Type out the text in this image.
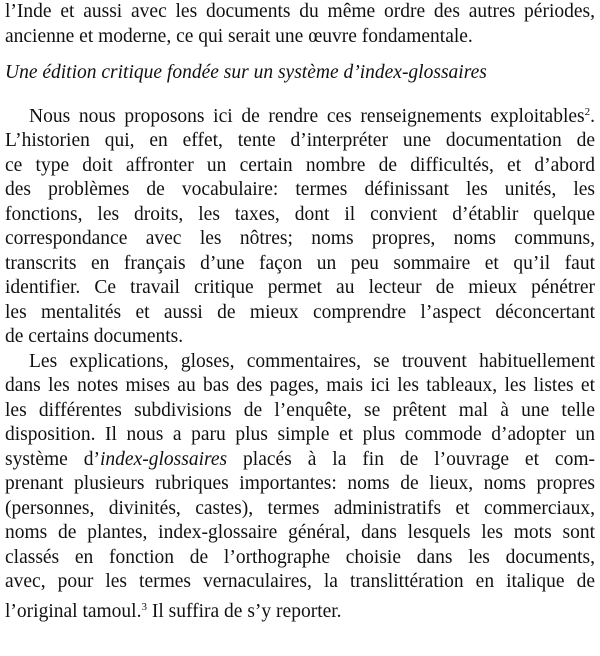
l’Inde et aussi avec les documents du même ordre des autres périodes,
ancienne et moderne, ce qui serait une œuvre fondamentale.
Une édition critique fondée sur un système d’index-glossaires
Nous nous proposons ici de rendre ces renseignements exploitables$^2$.
L’historien qui, en effet, tente d’interpréter une documentation de
ce type doit affronter un certain nombre de difficultés, et d’abord
des problèmes de vocabulaire: termes définissant les unités, les
fonctions, les droits, les taxes, dont il convient d’établir quelque
correspondance avec les nôtres; noms propres, noms communs,
transcrits en français d’une façon un peu sommaire et qu’il faut
identifier. Ce travail critique permet au lecteur de mieux pénétrer
les mentalités et aussi de mieux comprendre l’aspect déconcertant
de certains documents.
Les explications, gloses, commentaires, se trouvent habituellement
dans les notes mises au bas des pages, mais ici les tableaux, les listes et
les différentes subdivisions de l’enquête, se prêtent mal à une telle
disposition. Il nous a paru plus simple et plus commode d’adopter un
système d’index-glossaires placés à la fin de l’ouvrage et com-
prenant plusieurs rubriques importantes: noms de lieux, noms propres
(personnes, divinités, castes), termes administratifs et commerciaux,
noms de plantes, index-glossaire général, dans lesquels les mots sont
classés en fonction de l’orthographe choisie dans les documents,
avec, pour les termes vernaculaires, la translittération en italique de
l’original tamoul.$^3$ Il suffira de s’y reporter.
